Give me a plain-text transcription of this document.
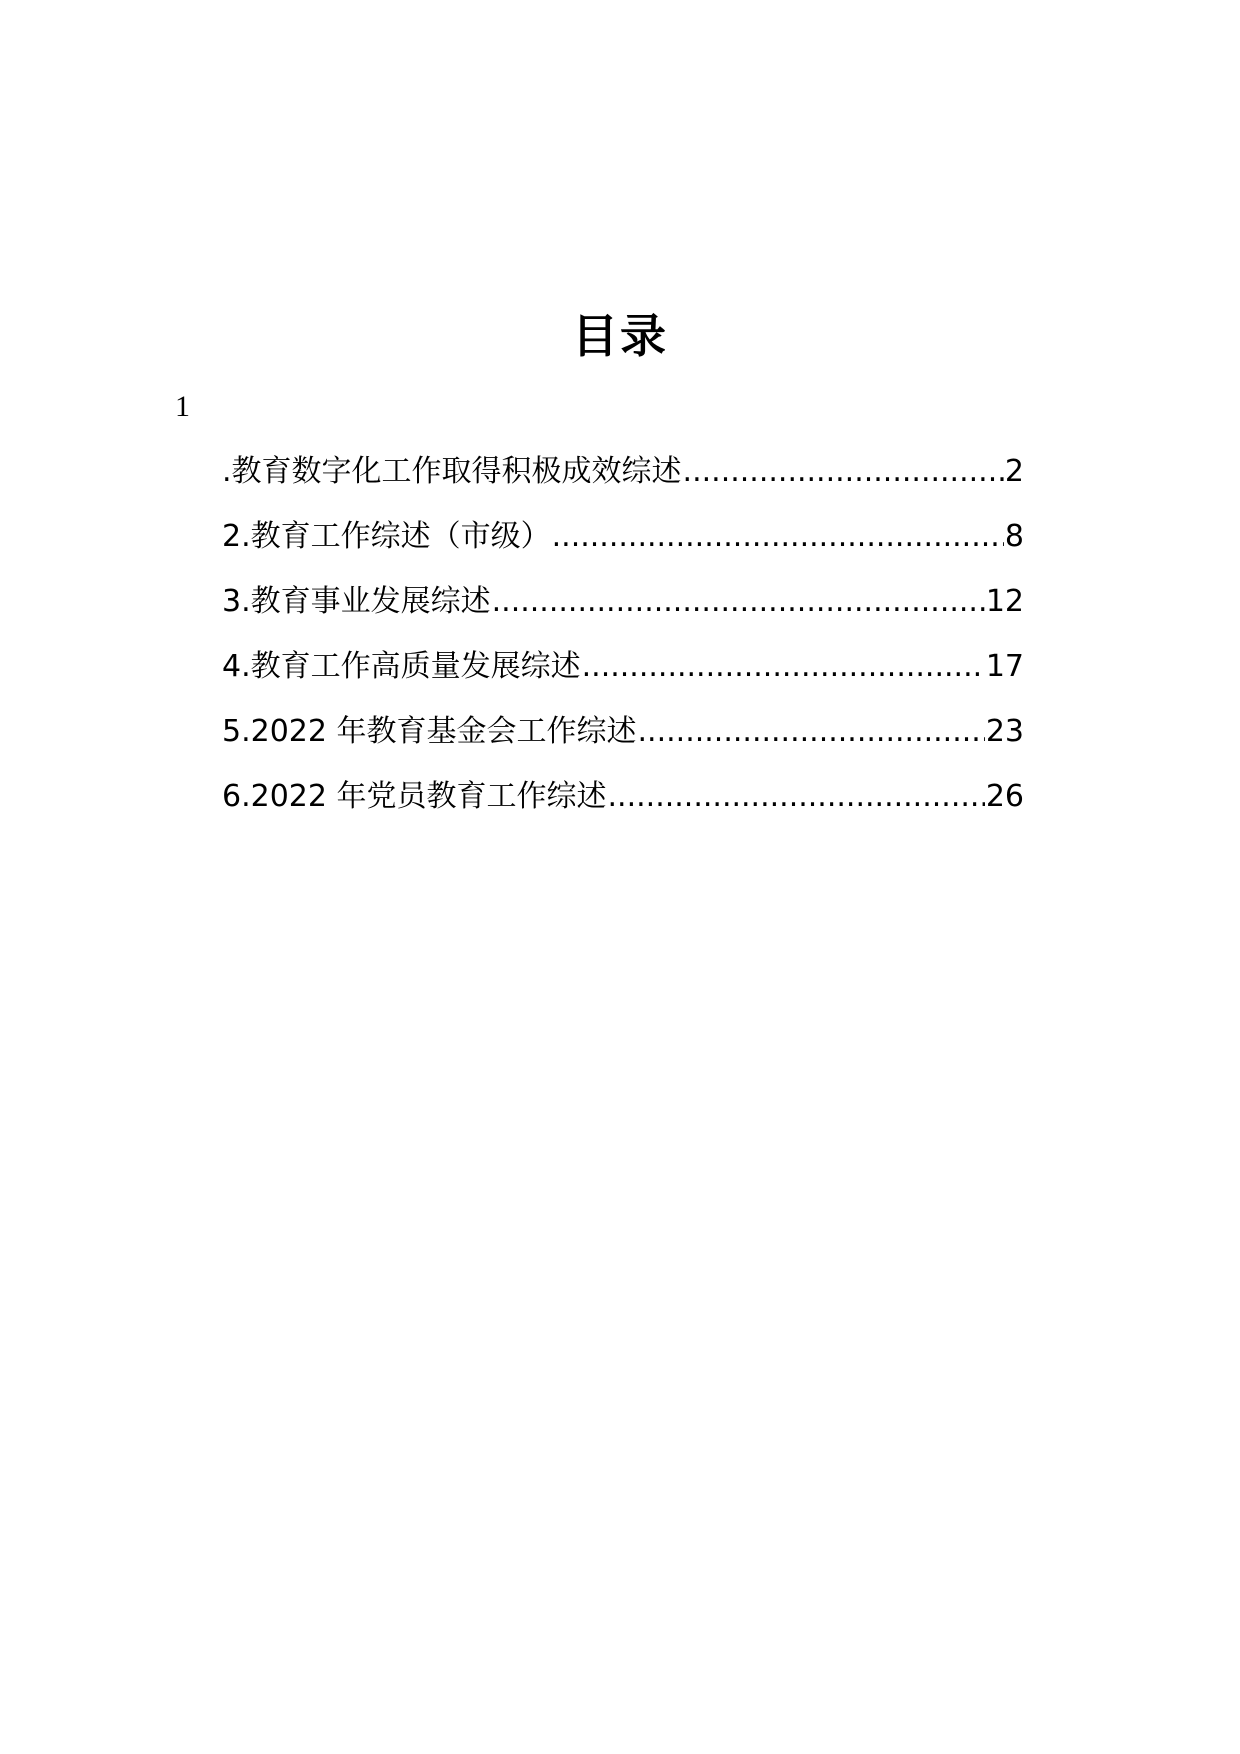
目录
1
.教育数字化工作取得积极成效综述 .....	2
2.教育工作综述（市级） .....	8
3.教育事业发展综述 .....	12
4.教育工作高质量发展综述 .....	17
5.2022 年教育基金会工作综述 .....	23
6.2022 年党员教育工作综述 .....	26
